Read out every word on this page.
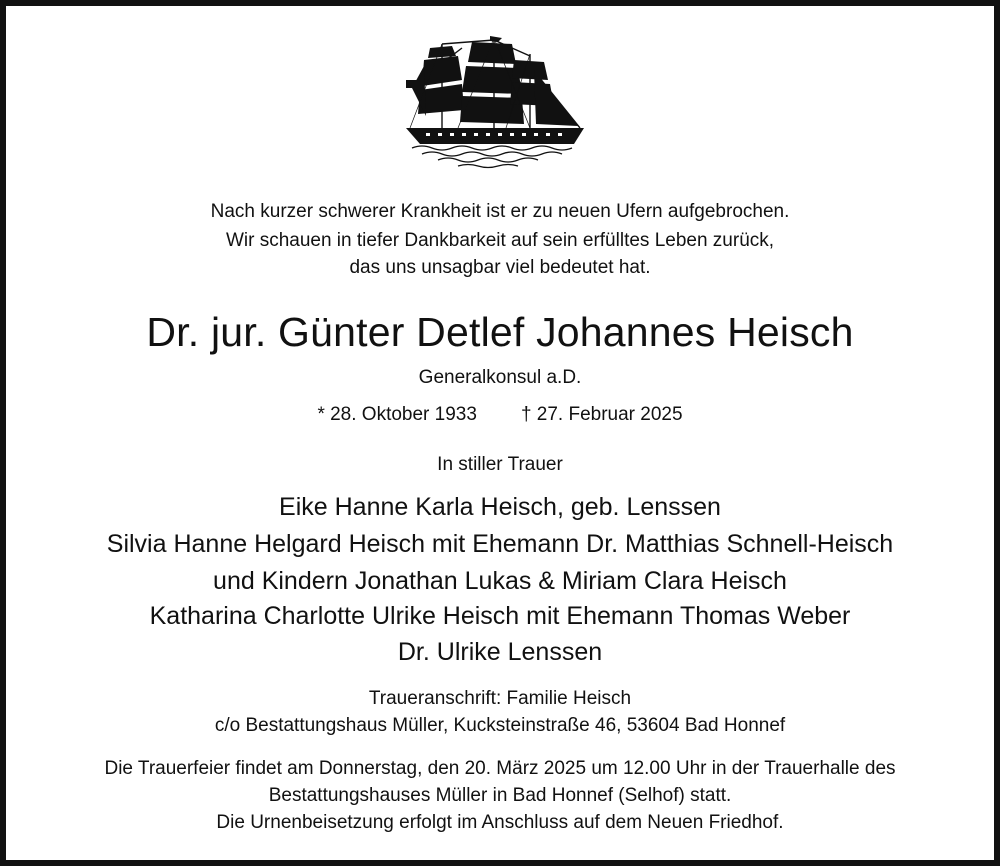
Nach kurzer schwerer Krankheit ist er zu neuen Ufern aufgebrochen.
Wir schauen in tiefer Dankbarkeit auf sein erfülltes Leben zurück,
das uns unsagbar viel bedeutet hat.
Dr. jur. Günter Detlef Johannes Heisch
Generalkonsul a.D.
* 28. Oktober 1933 † 27. Februar 2025
In stiller Trauer
Eike Hanne Karla Heisch, geb. Lenssen
Silvia Hanne Helgard Heisch mit Ehemann Dr. Matthias Schnell-Heisch
und Kindern Jonathan Lukas & Miriam Clara Heisch
Katharina Charlotte Ulrike Heisch mit Ehemann Thomas Weber
Dr. Ulrike Lenssen
Traueranschrift: Familie Heisch
c/o Bestattungshaus Müller, Kucksteinstraße 46, 53604 Bad Honnef
Die Trauerfeier findet am Donnerstag, den 20. März 2025 um 12.00 Uhr in der Trauerhalle des
Bestattungshauses Müller in Bad Honnef (Selhof) statt.
Die Urnenbeisetzung erfolgt im Anschluss auf dem Neuen Friedhof.
